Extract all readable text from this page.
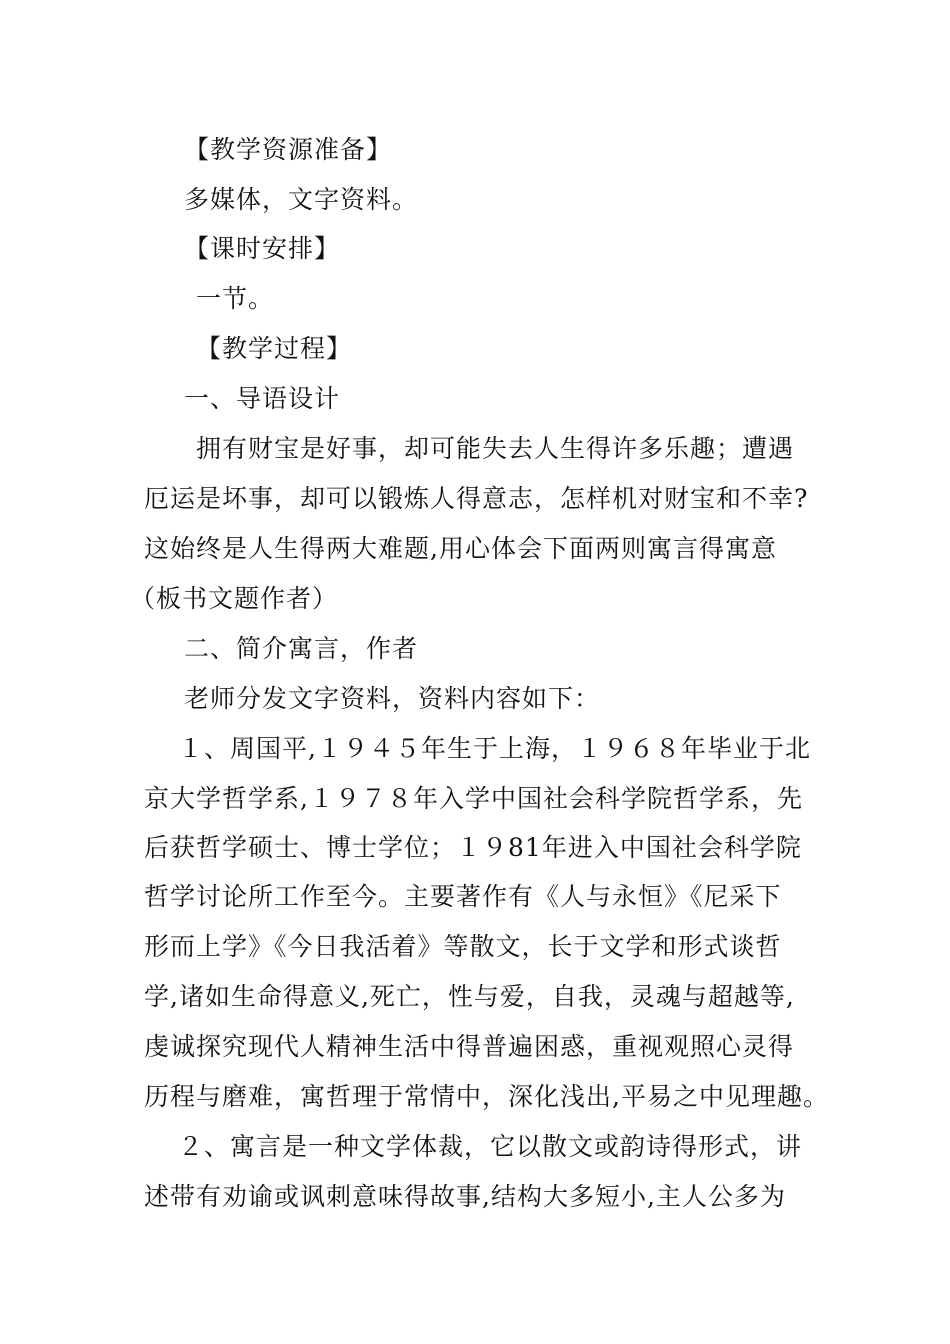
【教学资源准备】

多媒体，文字资料。

【课时安排】

一节。

【教学过程】

一、导语设计

拥有财宝是好事，却可能失去人生得许多乐趣；遭遇

厄运是坏事，却可以锻炼人得意志，怎样机对财宝和不幸?

这始终是人生得两大难题,用心体会下面两则寓言得寓意

（板书文题作者）

二、简介寓言，作者

老师分发文字资料，资料内容如下：

１、周国平,１９４５年生于上海，１９６８年毕业于北

京大学哲学系,１９７８年入学中国社会科学院哲学系，先

后获哲学硕士、博士学位；１９81年进入中国社会科学院

哲学讨论所工作至今。主要著作有《人与永恒》《尼采下

形而上学》《今日我活着》等散文，长于文学和形式谈哲

学,诸如生命得意义,死亡，性与爱，自我，灵魂与超越等,

虔诚探究现代人精神生活中得普遍困惑，重视观照心灵得

历程与磨难，寓哲理于常情中，深化浅出,平易之中见理趣。

２、寓言是一种文学体裁，它以散文或韵诗得形式，讲

述带有劝谕或讽刺意味得故事,结构大多短小,主人公多为
